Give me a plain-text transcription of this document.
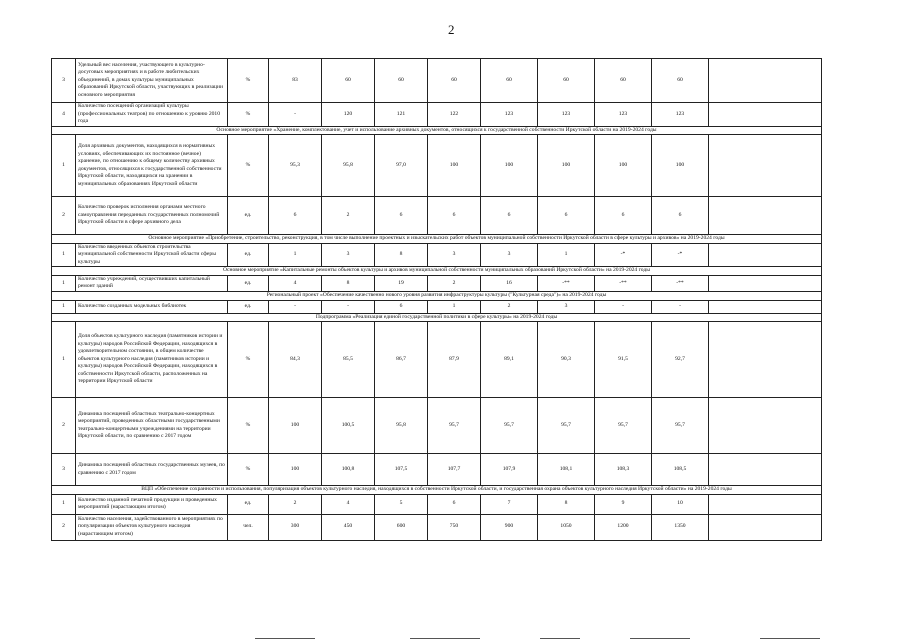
2
3	Удельный вес населения, участвующего в культурно-досуговых мероприятиях и в работе любительских объединений, в домах культуры муниципальных образований Иркутской области, участвующих в реализации основного мероприятия	%	83	60	60	60	60	60	60	60	
4	Количество посещений организаций культуры (профессиональных театров) по отношению к уровню 2010 года	%	-	120	121	122	123	123	123	123	
Основное мероприятие «Хранение, комплектование, учет и использование архивных документов, относящихся к государственной собственности Иркутской области на 2019-2024 годы											
1	Доля архивных документов, находящихся в нормативных условиях, обеспечивающих их постоянное (вечное) хранение, по отношению к общему количеству архивных документов, относящихся к государственной собственности Иркутской области, находящихся на хранении в муниципальных образованиях Иркутской области	%	95,3	95,8	97,0	100	100	100	100	100	
2	Количество проверок исполнения органами местного самоуправления переданных государственных полномочий Иркутской области в сфере архивного дела	ед.	6	2	6	6	6	6	6	6	
Основное мероприятие «Приобретение, строительство, реконструкция, в том числе выполнение проектных и изыскательских работ объектов муниципальной собственности Иркутской области в сфере культуры и архивов» на 2019-2024 годы											
1	Количество введенных объектов строительства муниципальной собственности Иркутской области сферы культуры	ед.	1	3	8	3	3	1	-*	-*	
Основное мероприятие «Капитальные ремонты объектов культуры и архивов муниципальной собственности муниципальных образований Иркутской области» на 2019-2024 годы											
1	Количество учреждений, осуществивших капитальный ремонт зданий	ед.	4	8	19	2	16	-**	-**	-**	
Региональный проект «Обеспечение качественно нового уровня развития инфраструктуры культуры ("Культурная среда")» на 2019-2024 годы											
1	Количество созданных модельных библиотек	ед.	-	-	6	1	2	3	-	-	
Подпрограмма «Реализация единой государственной политики в сфере культуры» на 2019-2024 годы											
1	Доля объектов культурного наследия (памятников истории и культуры) народов Российской Федерации, находящихся в удовлетворительном состоянии, в общем количестве объектов культурного наследия (памятников истории и культуры) народов Российской Федерации, находящихся в собственности Иркутской области, расположенных на территории Иркутской области	%	84,3	85,5	86,7	87,9	89,1	90,3	91,5	92,7	
2	Динамика посещений областных театрально-концертных мероприятий, проведенных областными государственными театрально-концертными учреждениями на территории Иркутской области, по сравнению с 2017 годом	%	100	100,5	95,8	95,7	95,7	95,7	95,7	95,7	
3	Динамика посещений областных государственных музеев, по сравнению с 2017 годом	%	100	100,8	107,5	107,7	107,9	108,1	108,3	108,5	
ВЦП «Обеспечение сохранности и использования, популяризация объектов культурного наследия, находящихся в собственности Иркутской области, и государственная охрана объектов культурного наследия Иркутской области» на 2019-2024 годы											
1	Количество изданной печатной продукции и проведенных мероприятий (нарастающим итогом)	ед.	2	4	5	6	7	8	9	10	
2	Количество населения, задействованного в мероприятиях по популяризации объектов культурного наследия (нарастающим итогом)	чел.	300	450	600	750	900	1050	1200	1350	
